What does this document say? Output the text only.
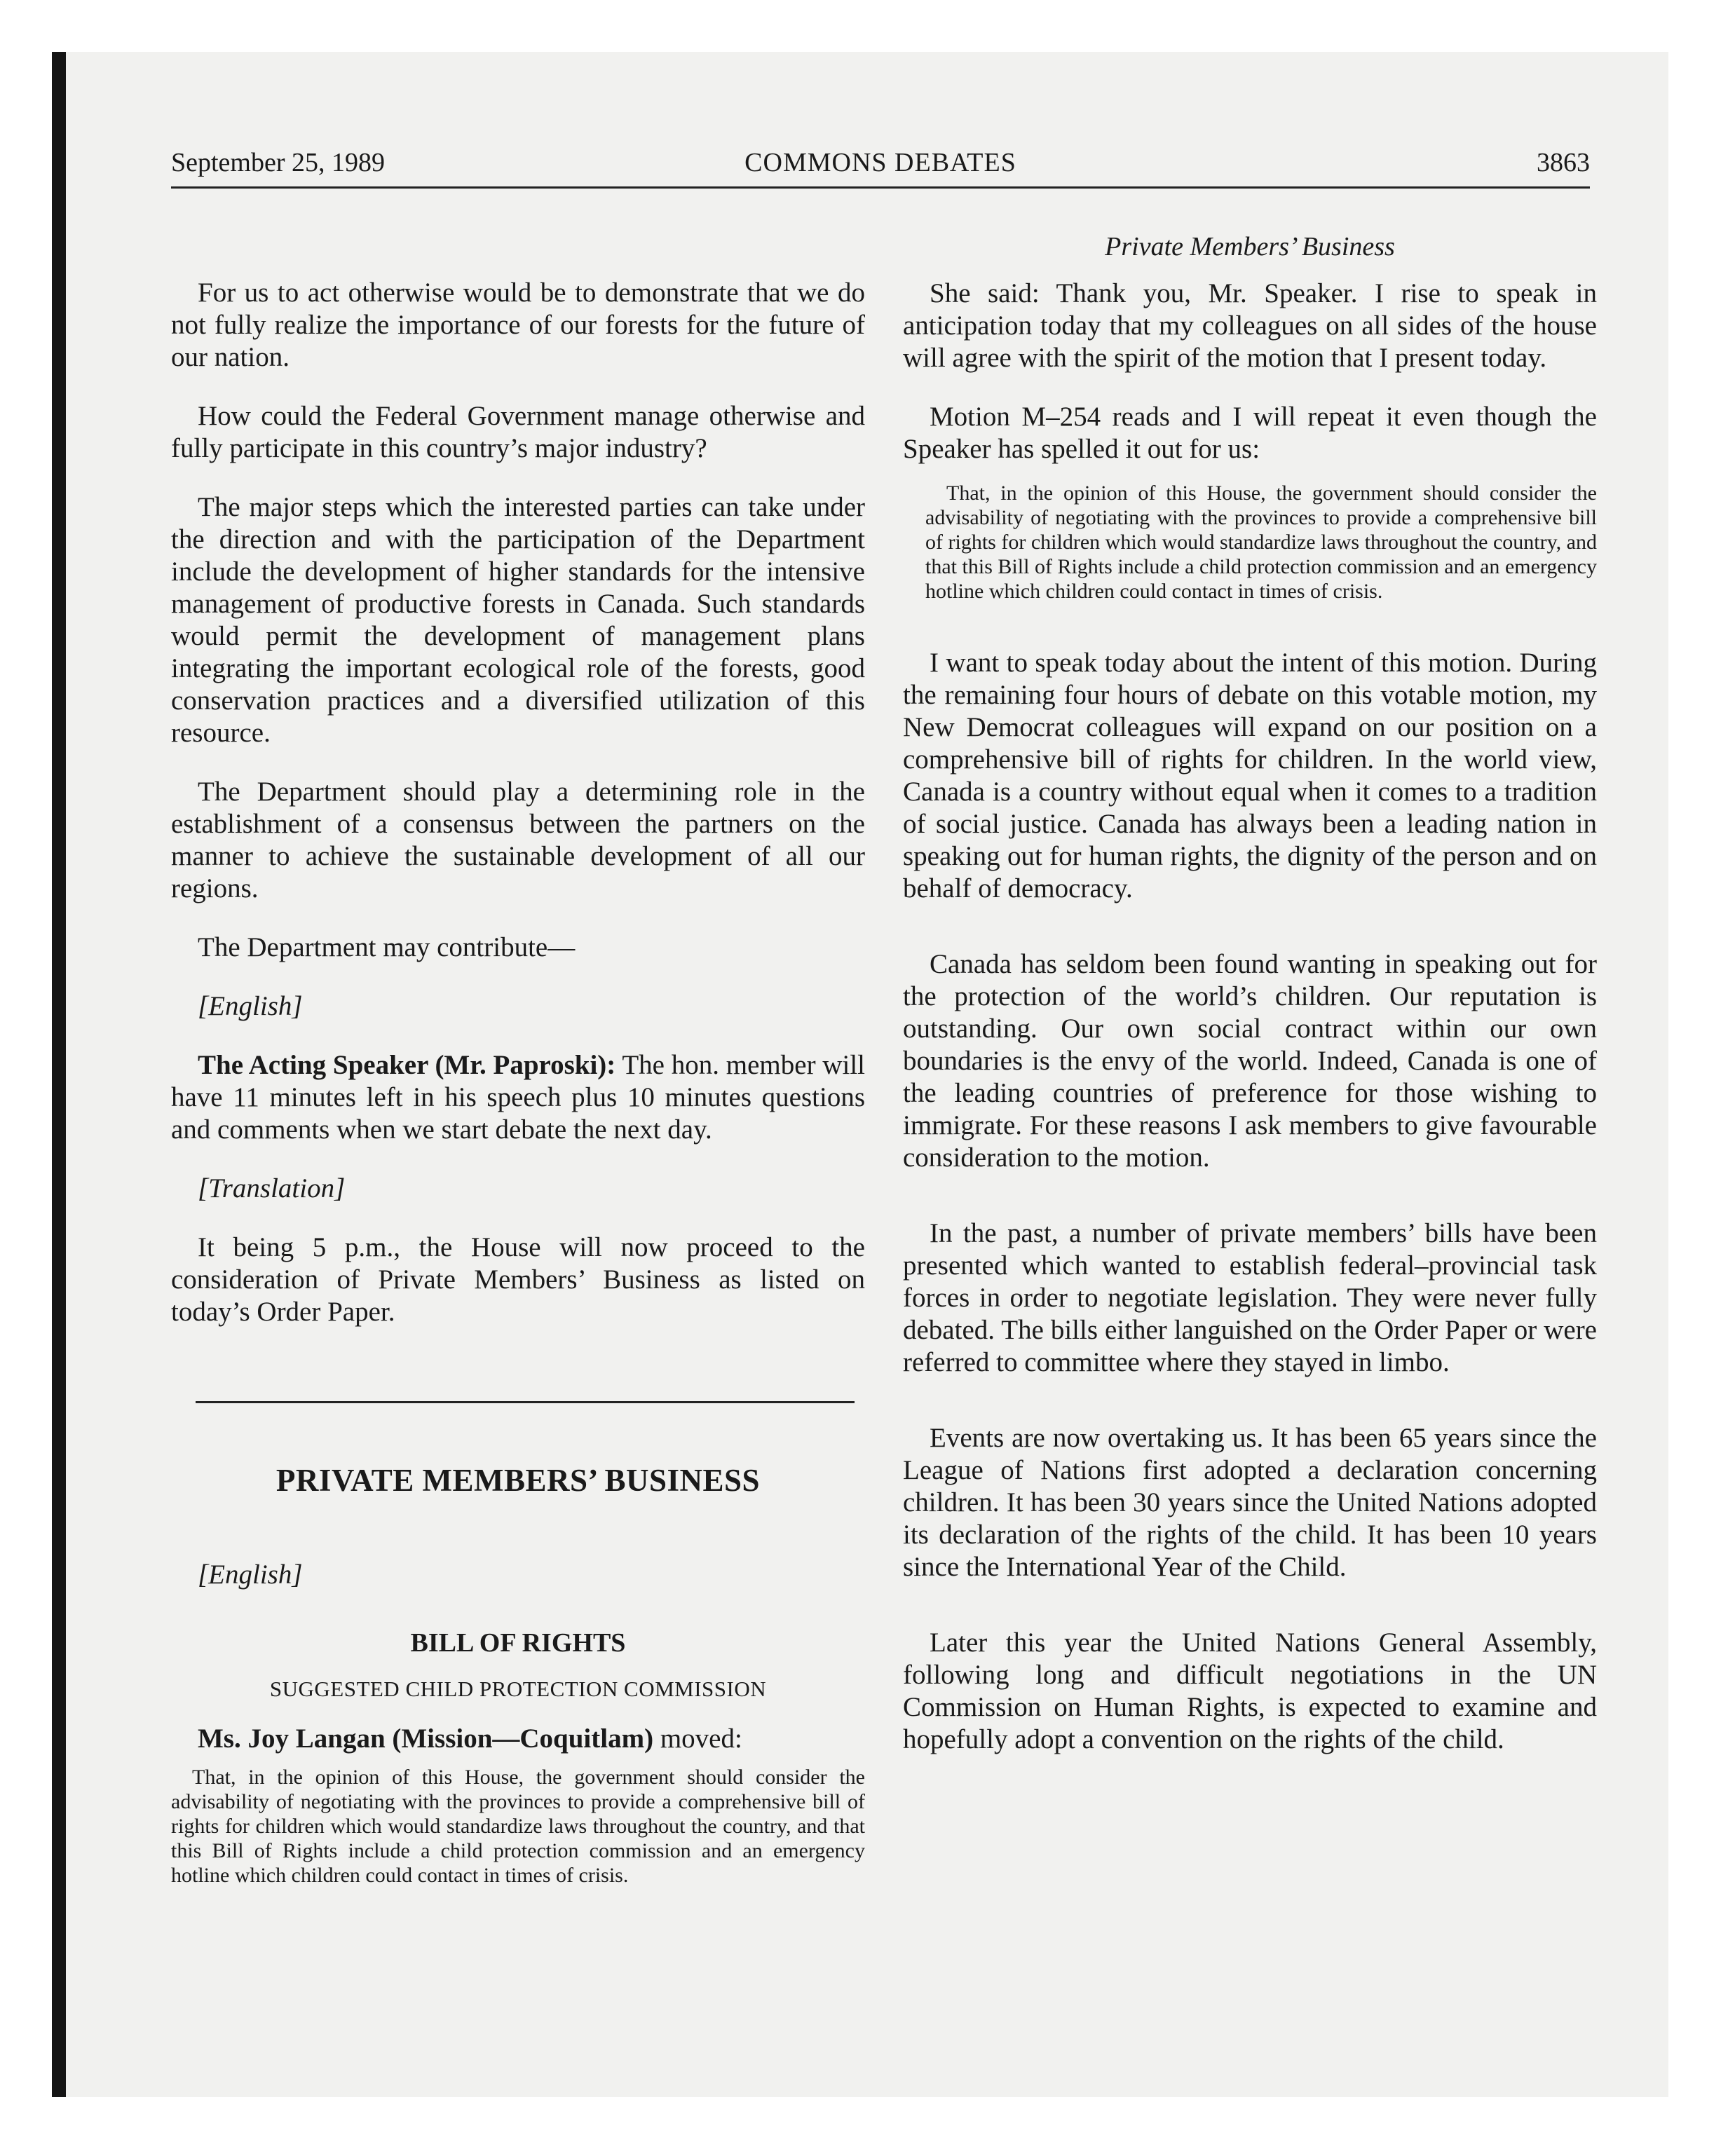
September 25, 1989	COMMONS DEBATES	3863

For us to act otherwise would be to demonstrate that we do not fully realize the importance of our forests for the future of our nation.

How could the Federal Government manage otherwise and fully participate in this country’s major industry?

The major steps which the interested parties can take under the direction and with the participation of the Department include the development of higher standards for the intensive management of productive forests in Canada. Such standards would permit the development of management plans integrating the important ecological role of the forests, good conservation practices and a diversified utilization of this resource.

The Department should play a determining role in the establishment of a consensus between the partners on the manner to achieve the sustainable development of all our regions.

The Department may contribute—

[English]

The Acting Speaker (Mr. Paproski): The hon. member will have 11 minutes left in his speech plus 10 minutes questions and comments when we start debate the next day.

[Translation]

It being 5 p.m., the House will now proceed to the consideration of Private Members’ Business as listed on today’s Order Paper.

PRIVATE MEMBERS’ BUSINESS

[English]

BILL OF RIGHTS

SUGGESTED CHILD PROTECTION COMMISSION

Ms. Joy Langan (Mission—Coquitlam) moved:

That, in the opinion of this House, the government should consider the advisability of negotiating with the provinces to provide a comprehensive bill of rights for children which would standardize laws throughout the country, and that this Bill of Rights include a child protection commission and an emergency hotline which children could contact in times of crisis.

Private Members’ Business

She said: Thank you, Mr. Speaker. I rise to speak in anticipation today that my colleagues on all sides of the house will agree with the spirit of the motion that I present today.

Motion M–254 reads and I will repeat it even though the Speaker has spelled it out for us:

That, in the opinion of this House, the government should consider the advisability of negotiating with the provinces to provide a comprehensive bill of rights for children which would standardize laws throughout the country, and that this Bill of Rights include a child protection commission and an emergency hotline which children could contact in times of crisis.

I want to speak today about the intent of this motion. During the remaining four hours of debate on this votable motion, my New Democrat colleagues will expand on our position on a comprehensive bill of rights for children. In the world view, Canada is a country without equal when it comes to a tradition of social justice. Canada has always been a leading nation in speaking out for human rights, the dignity of the person and on behalf of democracy.

Canada has seldom been found wanting in speaking out for the protection of the world’s children. Our reputation is outstanding. Our own social contract within our own boundaries is the envy of the world. Indeed, Canada is one of the leading countries of preference for those wishing to immigrate. For these reasons I ask members to give favourable consideration to the motion.

In the past, a number of private members’ bills have been presented which wanted to establish federal–provincial task forces in order to negotiate legislation. They were never fully debated. The bills either languished on the Order Paper or were referred to committee where they stayed in limbo.

Events are now overtaking us. It has been 65 years since the League of Nations first adopted a declaration concerning children. It has been 30 years since the United Nations adopted its declaration of the rights of the child. It has been 10 years since the International Year of the Child.

Later this year the United Nations General Assembly, following long and difficult negotiations in the UN Commission on Human Rights, is expected to examine and hopefully adopt a convention on the rights of the child.
